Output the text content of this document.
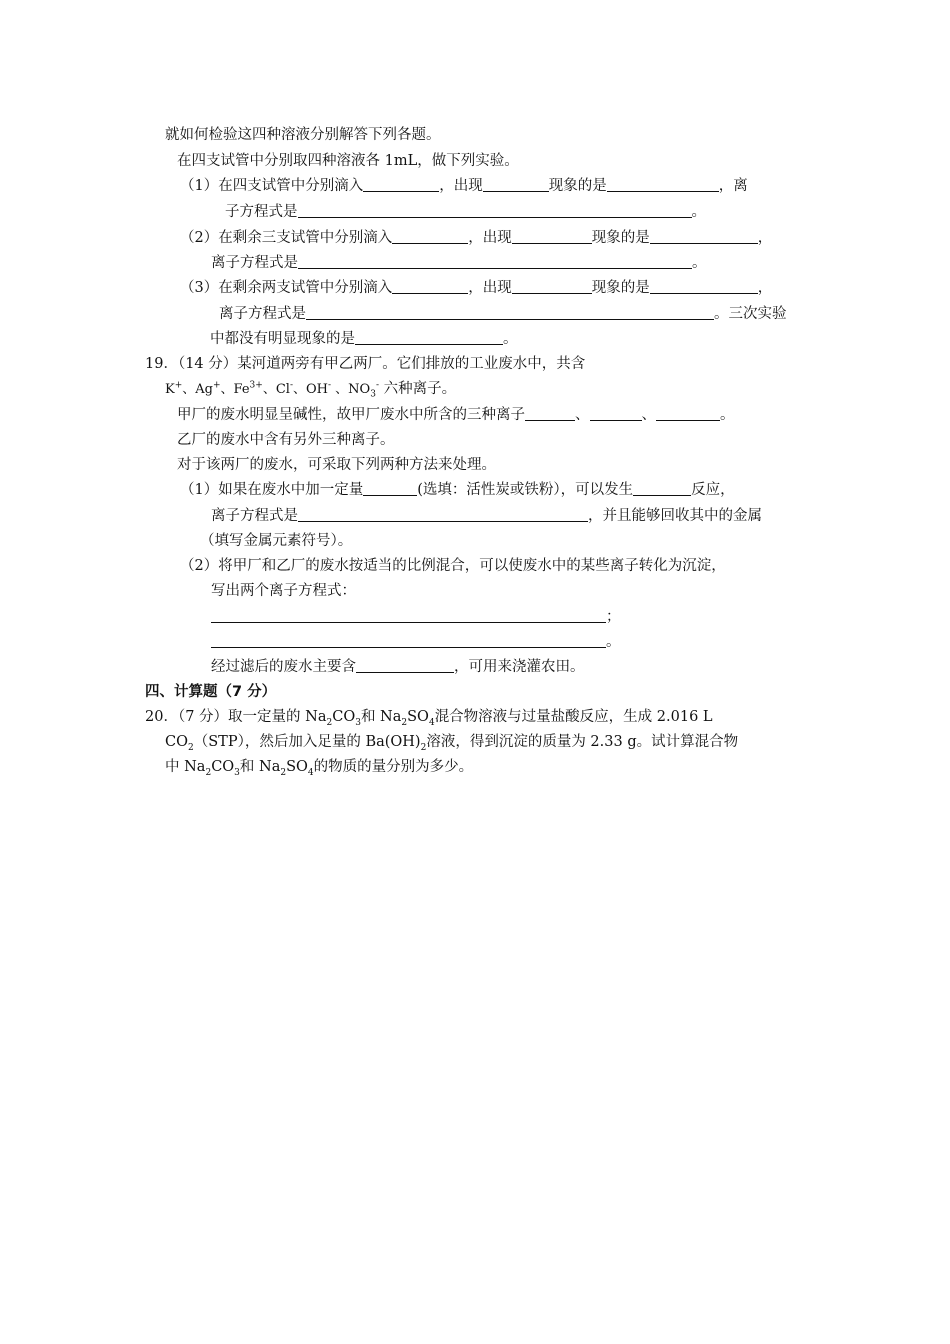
就如何检验这四种溶液分别解答下列各题。
在四支试管中分别取四种溶液各 1mL，做下列实验。
（1）在四支试管中分别滴入	，出现	现象的是	，离
子方程式是	。
（2）在剩余三支试管中分别滴入	，出现	现象的是	，
离子方程式是	。
（3）在剩余两支试管中分别滴入	，出现	现象的是	，
离子方程式是	。三次实验
中都没有明显现象的是	。
19．（14 分）某河道两旁有甲乙两厂。它们排放的工业废水中，共含
K+、Ag+、$Fe^{3+}$、Cl-、OH- 、$NO_3^-$ 六种离子。
甲厂的废水明显呈碱性，故甲厂废水中所含的三种离子	、	、	。
乙厂的废水中含有另外三种离子。
对于该两厂的废水，可采取下列两种方法来处理。
（1）如果在废水中加一定量	(选填：活性炭或铁粉），可以发生	反应，
离子方程式是	，并且能够回收其中的金属
（填写金属元素符号）。
（2）将甲厂和乙厂的废水按适当的比例混合，可以使废水中的某些离子转化为沉淀，
写出两个离子方程式：
；
。
经过滤后的废水主要含	，可用来浇灌农田。
四、计算题（7 分）
20．（7 分）取一定量的 $Na_2CO_3$和 $Na_2SO_4$混合物溶液与过量盐酸反应，生成 2.016 L
$CO_2(STP)$，然后加入足量的 $Ba(OH)_2$溶液，得到沉淀的质量为 2.33 g。试计算混合物
中 $Na_2CO_3$和 $Na_2SO_4$的物质的量分别为多少。
